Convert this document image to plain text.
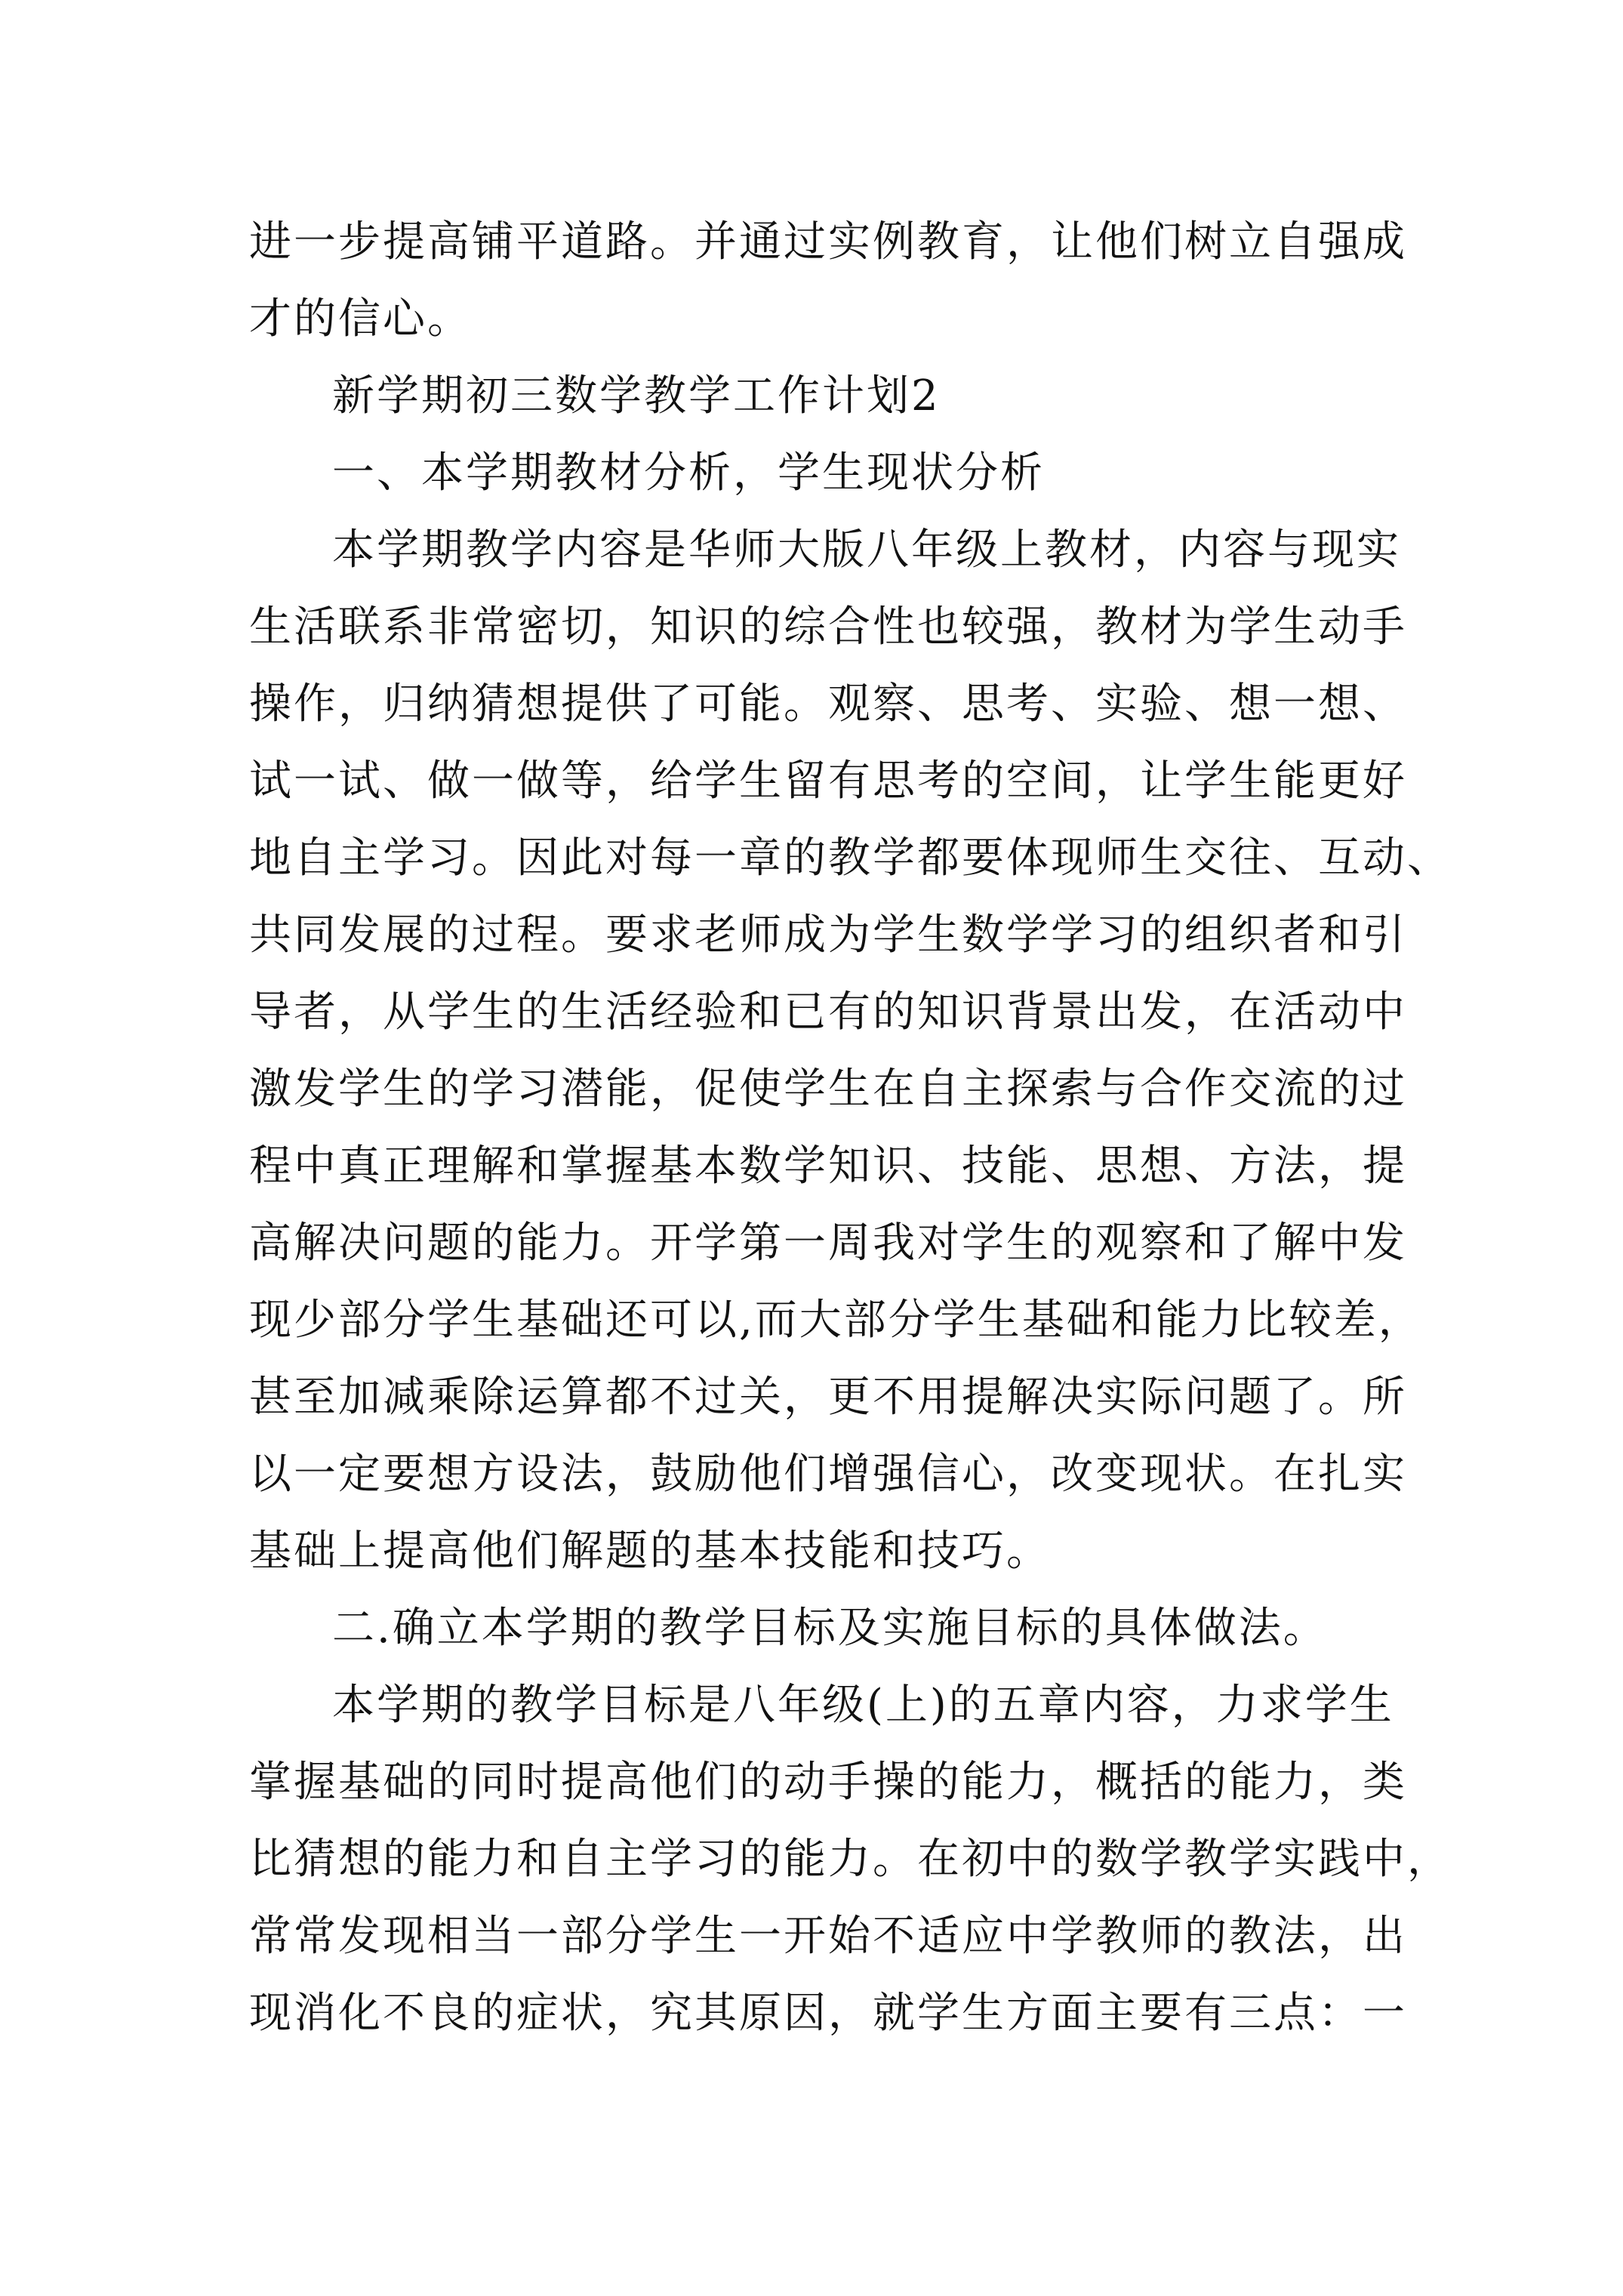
进一步提高铺平道路。并通过实例教育，让他们树立自强成
才的信心。
新学期初三数学教学工作计划2
一、本学期教材分析，学生现状分析
本学期教学内容是华师大版八年级上教材，内容与现实
生活联系非常密切，知识的综合性也较强，教材为学生动手
操作，归纳猜想提供了可能。观察、思考、实验、想一想、
试一试、做一做等，给学生留有思考的空间，让学生能更好
地自主学习。因此对每一章的教学都要体现师生交往、互动、
共同发展的过程。要求老师成为学生数学学习的组织者和引
导者，从学生的生活经验和已有的知识背景出发，在活动中
激发学生的学习潜能，促使学生在自主探索与合作交流的过
程中真正理解和掌握基本数学知识、技能、思想、方法，提
高解决问题的能力。开学第一周我对学生的观察和了解中发
现少部分学生基础还可以,而大部分学生基础和能力比较差，
甚至加减乘除运算都不过关，更不用提解决实际问题了。所
以一定要想方设法，鼓励他们增强信心，改变现状。在扎实
基础上提高他们解题的基本技能和技巧。
二.确立本学期的教学目标及实施目标的具体做法。
本学期的教学目标是八年级(上)的五章内容，力求学生
掌握基础的同时提高他们的动手操的能力，概括的能力，类
比猜想的能力和自主学习的能力。在初中的数学教学实践中，
常常发现相当一部分学生一开始不适应中学教师的教法，出
现消化不良的症状，究其原因，就学生方面主要有三点：一
